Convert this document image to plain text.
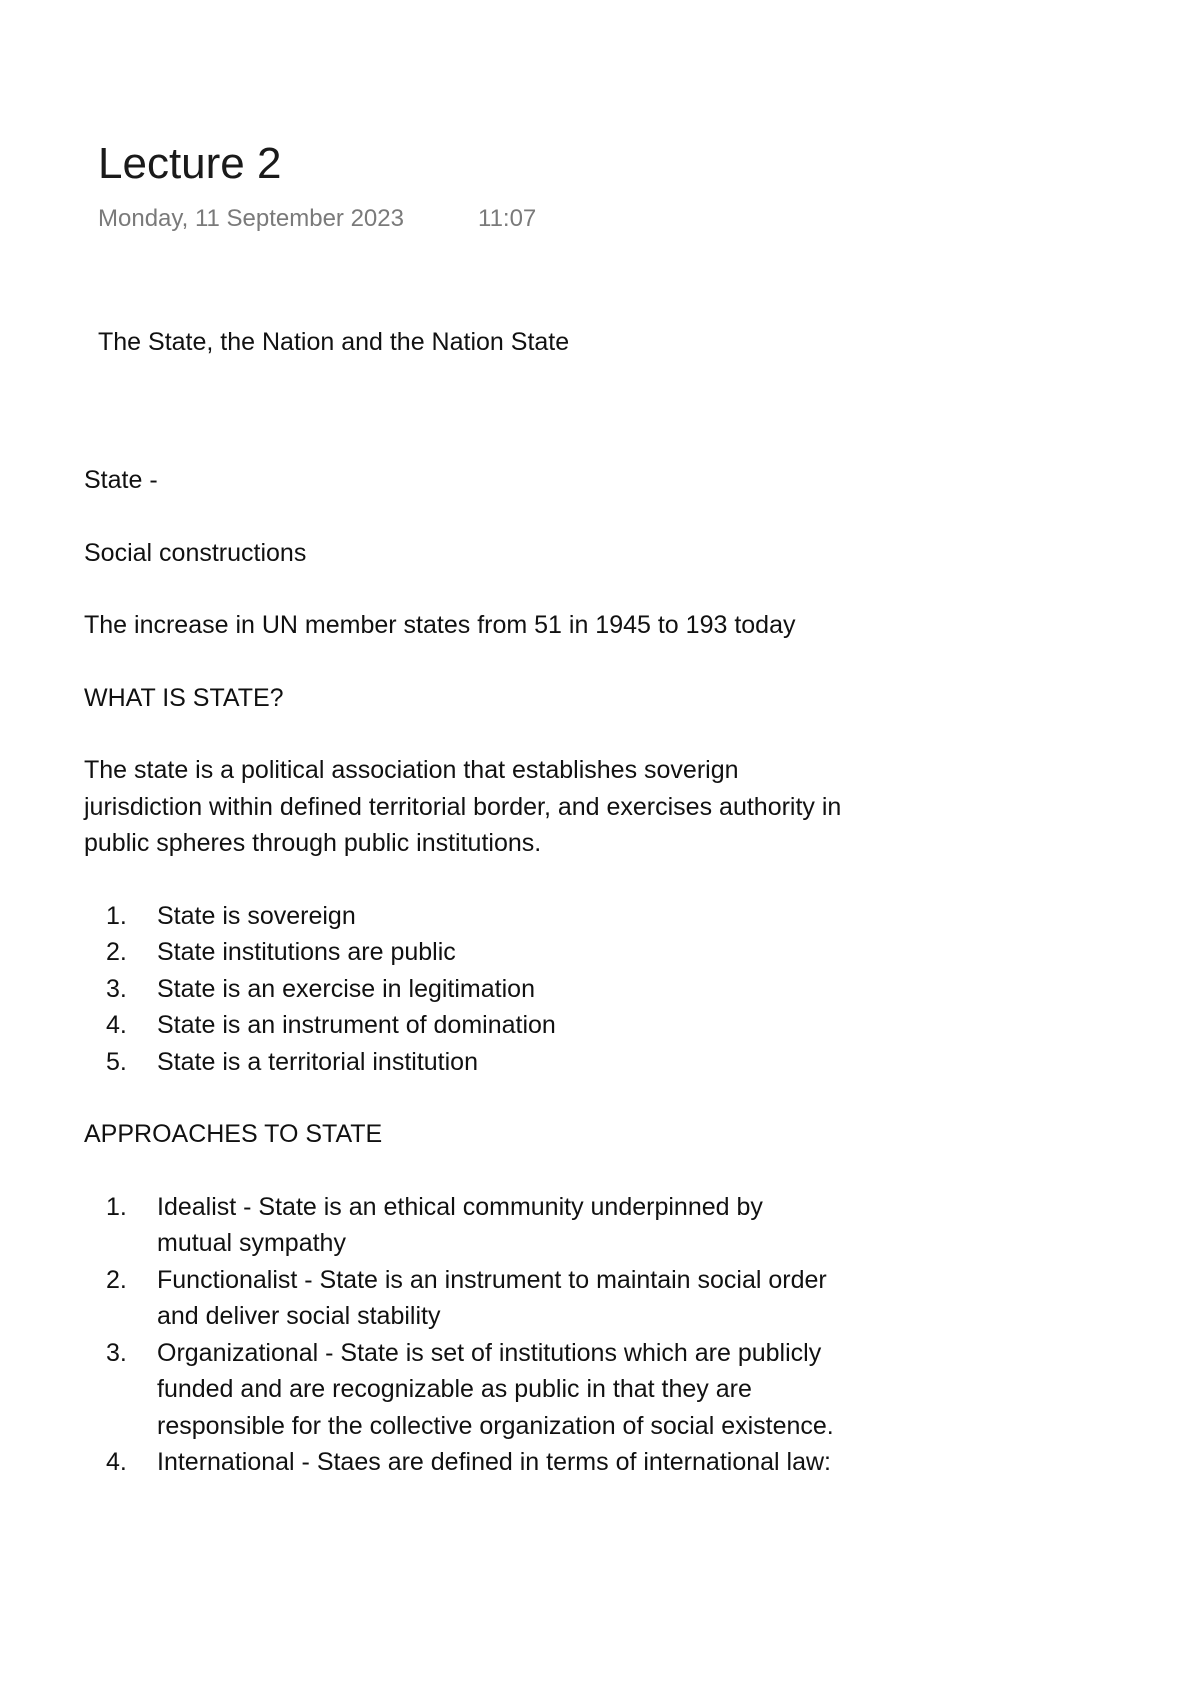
Lecture 2
Monday, 11 September 2023	11:07
The State, the Nation and the Nation State

State -

Social constructions

The increase in UN member states from 51 in 1945 to 193 today

WHAT IS STATE?

The state is a political association that establishes soverign jurisdiction within defined territorial border, and exercises authority in public spheres through public institutions.

1. State is sovereign
2. State institutions are public
3. State is an exercise in legitimation
4. State is an instrument of domination
5. State is a territorial institution

APPROACHES TO STATE

1. Idealist - State is an ethical community underpinned by mutual sympathy
2. Functionalist - State is an instrument to maintain social order and deliver social stability
3. Organizational - State is set of institutions which are publicly funded and are recognizable as public in that they are responsible for the collective organization of social existence.
4. International - Staes are defined in terms of international law:
